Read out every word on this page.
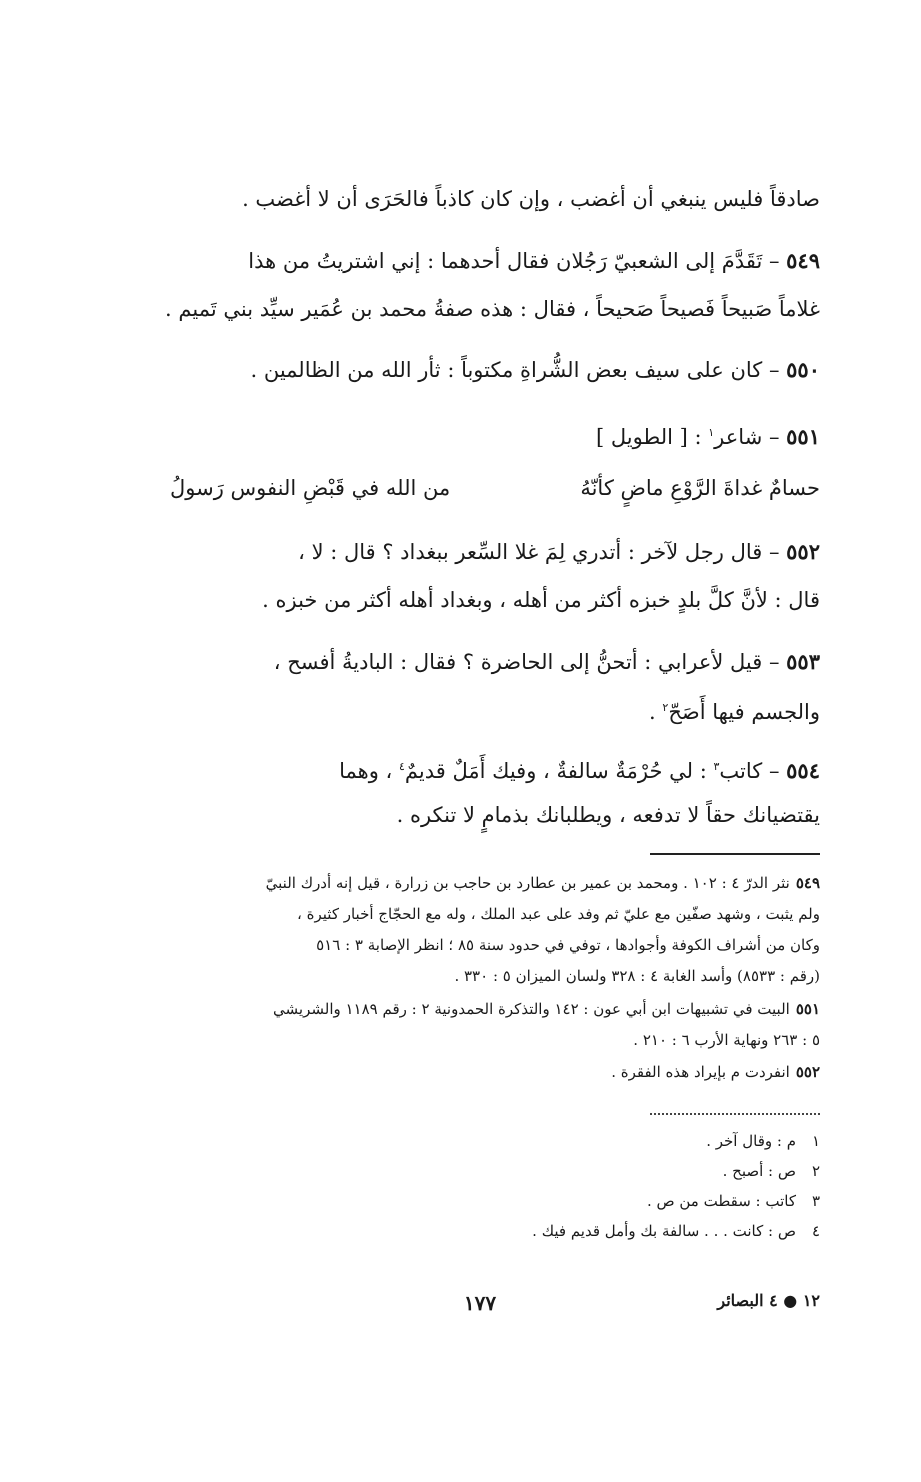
صادقاً فليس ينبغي أن أغضب ، وإن كان كاذباً فالحَرَى أن لا أغضب .
٥٤٩ – تَقَدَّمَ إلى الشعبيّ رَجُلان فقال أحدهما : إني اشتريتُ من هذا
غلاماً صَبيحاً فَصيحاً صَحيحاً ، فقال : هذه صفةُ محمد بن عُمَير سيِّد بني تَميم .
٥٥٠ – كان على سيف بعض الشُّراةِ مكتوباً : ثأر الله من الظالمين .
٥٥١ – شاعر$^١$ : [ الطويل ]
حسامٌ غداةَ الرَّوْعِ ماضٍ كأنّهُ
من الله في قَبْضِ النفوس رَسولُ
٥٥٢ – قال رجل لآخر : أتدري لِمَ غلا السِّعر ببغداد ؟ قال : لا ،
قال : لأنَّ كلَّ بلدٍ خبزه أكثر من أهله ، وبغداد أهله أكثر من خبزه .
٥٥٣ – قيل لأعرابي : أتحنُّ إلى الحاضرة ؟ فقال : الباديةُ أفسح ،
والجسم فيها أَصَحّ$^٢$ .
٥٥٤ – كاتب$^٣$ : لي حُرْمَةٌ سالفةٌ ، وفيك أَمَلٌ قديمٌ$^٤$ ، وهما
يقتضيانك حقاً لا تدفعه ، ويطلبانك بذمامٍ لا تنكره .
٥٤٩نثر الدرّ ٤ : ١٠٢ . ومحمد بن عمير بن عطارد بن حاجب بن زرارة ، قيل إنه أدرك النبيّ
ولم يثبت ، وشهد صفّين مع عليّ ثم وفد على عبد الملك ، وله مع الحجّاج أخبار كثيرة ،
وكان من أشراف الكوفة وأجوادها ، توفي في حدود سنة ٨٥ ؛ انظر الإصابة ٣ : ٥١٦
(رقم : ٨٥٣٣) وأسد الغابة ٤ : ٣٢٨ ولسان الميزان ٥ : ٣٣٠ .
٥٥١البيت في تشبيهات ابن أبي عون : ١٤٢ والتذكرة الحمدونية ٢ : رقم ١١٨٩ والشريشي
٥ : ٢٦٣ ونهاية الأرب ٦ : ٢١٠ .
٥٥٢انفردت م بإيراد هذه الفقرة .
١م : وقال آخر .
٢ص : أصبح .
٣كاتب : سقطت من ص .
٤ص : كانت . . . سالفة بك وأمل قديم فيك .
١٧٧	١٢ ● ٤ البصائر
